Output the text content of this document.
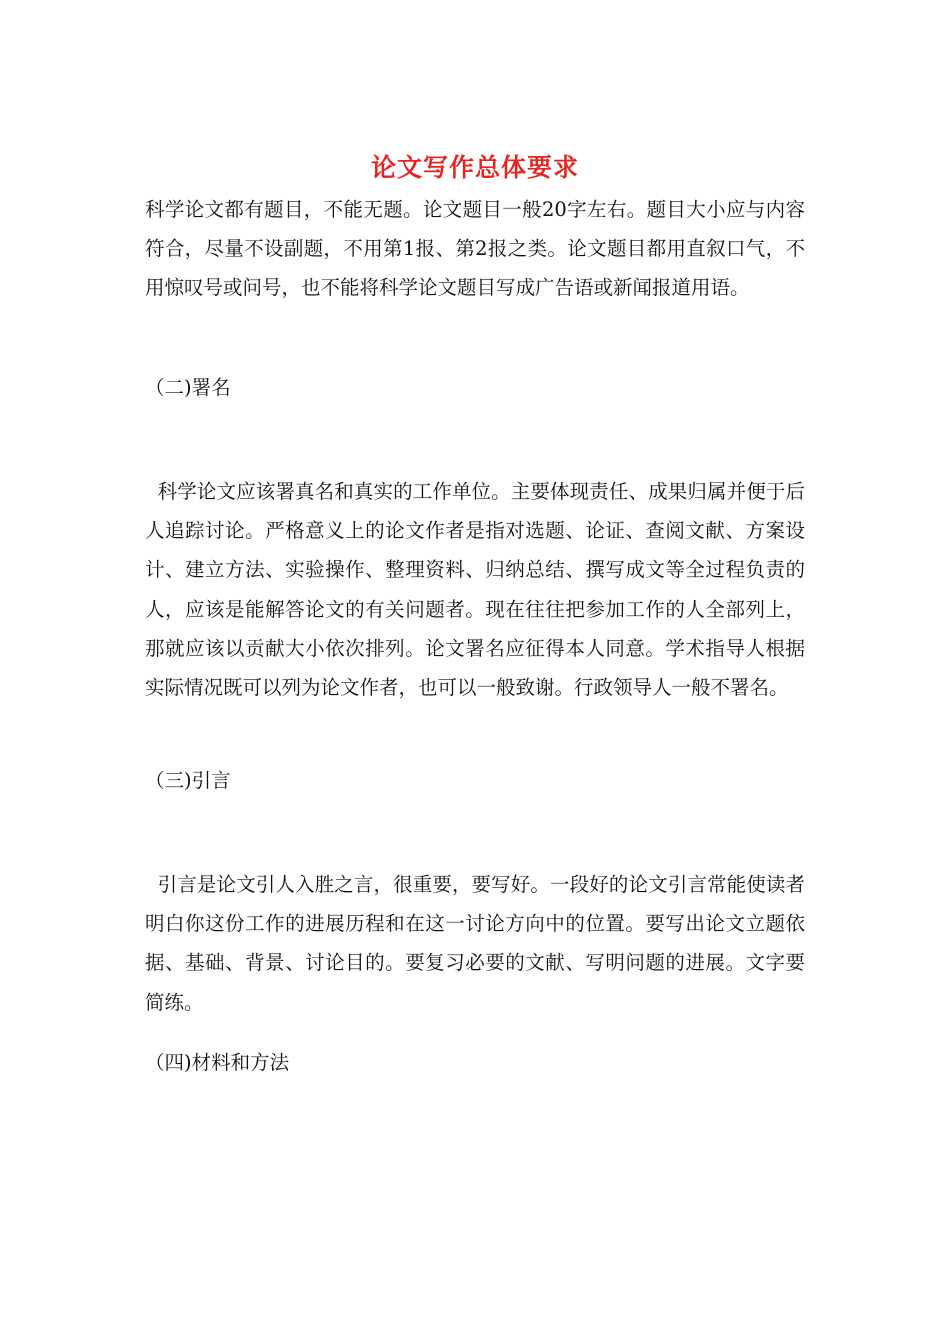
论文写作总体要求

科学论文都有题目，不能无题。论文题目一般20字左右。题目大小应与内容符合，尽量不设副题，不用第1报、第2报之类。论文题目都用直叙口气，不用惊叹号或问号，也不能将科学论文题目写成广告语或新闻报道用语。

（二)署名

科学论文应该署真名和真实的工作单位。主要体现责任、成果归属并便于后人追踪讨论。严格意义上的论文作者是指对选题、论证、查阅文献、方案设计、建立方法、实验操作、整理资料、归纳总结、撰写成文等全过程负责的人，应该是能解答论文的有关问题者。现在往往把参加工作的人全部列上，那就应该以贡献大小依次排列。论文署名应征得本人同意。学术指导人根据实际情况既可以列为论文作者，也可以一般致谢。行政领导人一般不署名。

（三)引言

引言是论文引人入胜之言，很重要，要写好。一段好的论文引言常能使读者明白你这份工作的进展历程和在这一讨论方向中的位置。要写出论文立题依据、基础、背景、讨论目的。要复习必要的文献、写明问题的进展。文字要简练。

（四)材料和方法
